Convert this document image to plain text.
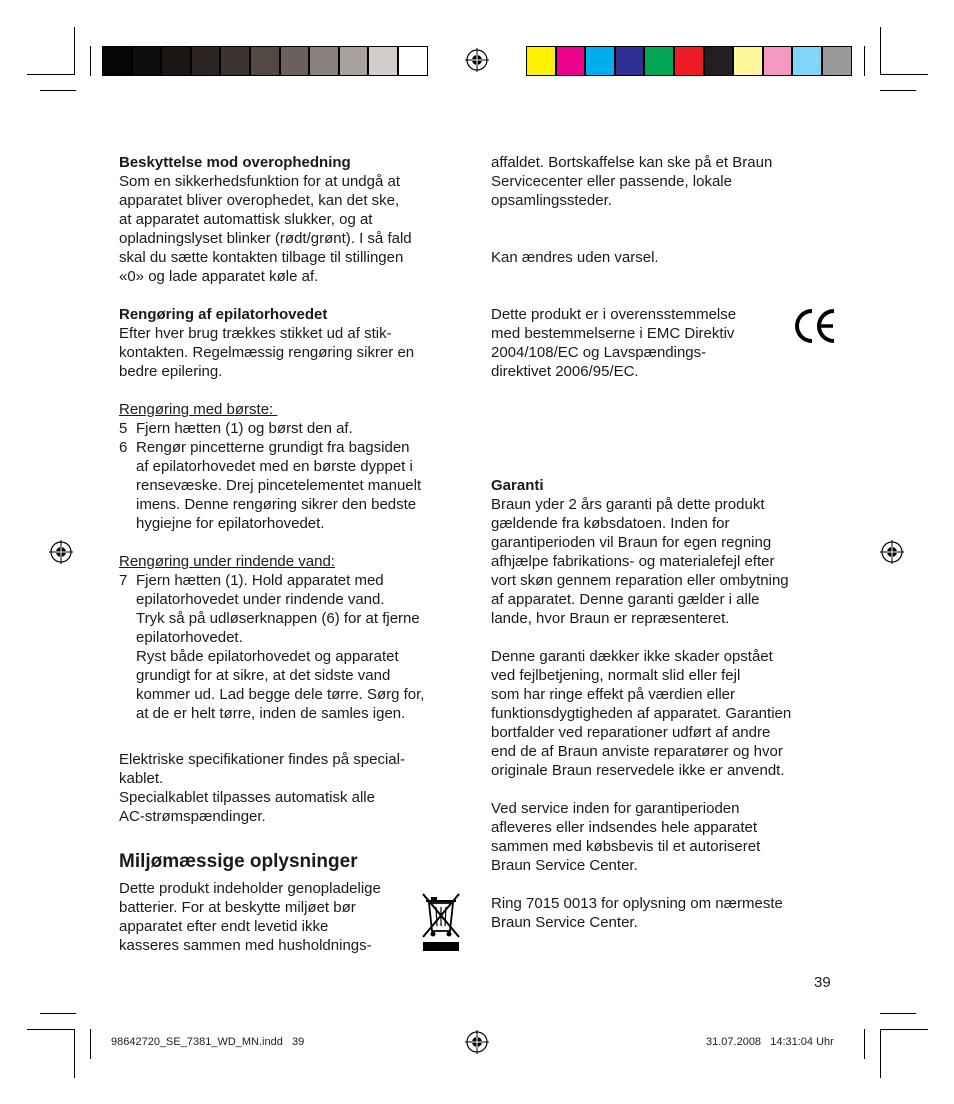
Beskyttelse mod overophedning

Som en sikkerhedsfunktion for at undgå at
apparatet bliver overophedet, kan det ske,
at apparatet automattisk slukker, og at
opladningslyset blinker (rødt/grønt). I så fald
skal du sætte kontakten tilbage til stillingen
«0» og lade apparatet køle af.

Rengøring af epilatorhovedet

Efter hver brug trækkes stikket ud af stik-
kontakten. Regelmæssig rengøring sikrer en
bedre epilering.

Rengøring med børste:

5 Fjern hætten (1) og børst den af.
6 Rengør pincetterne grundigt fra bagsiden
af epilatorhovedet med en børste dyppet i
rensevæske. Drej pincetelementet manuelt
imens. Denne rengøring sikrer den bedste
hygiejne for epilatorhovedet.

Rengøring under rindende vand:

7 Fjern hætten (1). Hold apparatet med
epilatorhovedet under rindende vand.
Tryk så på udløserknappen (6) for at fjerne
epilatorhovedet.
Ryst både epilatorhovedet og apparatet
grundigt for at sikre, at det sidste vand
kommer ud. Lad begge dele tørre. Sørg for,
at de er helt tørre, inden de samles igen.
Elektriske specifikationer findes på special-
kablet.
Specialkablet tilpasses automatisk alle
AC-strømspændinger.

Miljømæssige oplysninger

Dette produkt indeholder genopladelige
batterier. For at beskytte miljøet bør
apparatet efter endt levetid ikke
kasseres sammen med husholdnings-
affaldet. Bortskaffelse kan ske på et Braun
Servicecenter eller passende, lokale
opsamlingssteder.

Kan ændres uden varsel.

Dette produkt er i overensstemmelse
med bestemmelserne i EMC Direktiv
2004/108/EC og Lavspændings-
direktivet 2006/95/EC.

Garanti

Braun yder 2 års garanti på dette produkt
gældende fra købsdatoen. Inden for
garantiperioden vil Braun for egen regning
afhjælpe fabrikations- og materialefejl efter
vort skøn gennem reparation eller ombytning
af apparatet. Denne garanti gælder i alle
lande, hvor Braun er repræsenteret.
Denne garanti dækker ikke skader opstået
ved fejlbetjening, normalt slid eller fejl
som har ringe effekt på værdien eller
funktionsdygtigheden af apparatet. Garantien
bortfalder ved reparationer udført af andre
end de af Braun anviste reparatører og hvor
originale Braun reservedele ikke er anvendt.
Ved service inden for garantiperioden
afleveres eller indsendes hele apparatet
sammen med købsbevis til et autoriseret
Braun Service Center.
Ring 7015 0013 for oplysning om nærmeste
Braun Service Center.
39
98642720_SE_7381_WD_MN.indd   39	31.07.2008   14:31:04 Uhr
